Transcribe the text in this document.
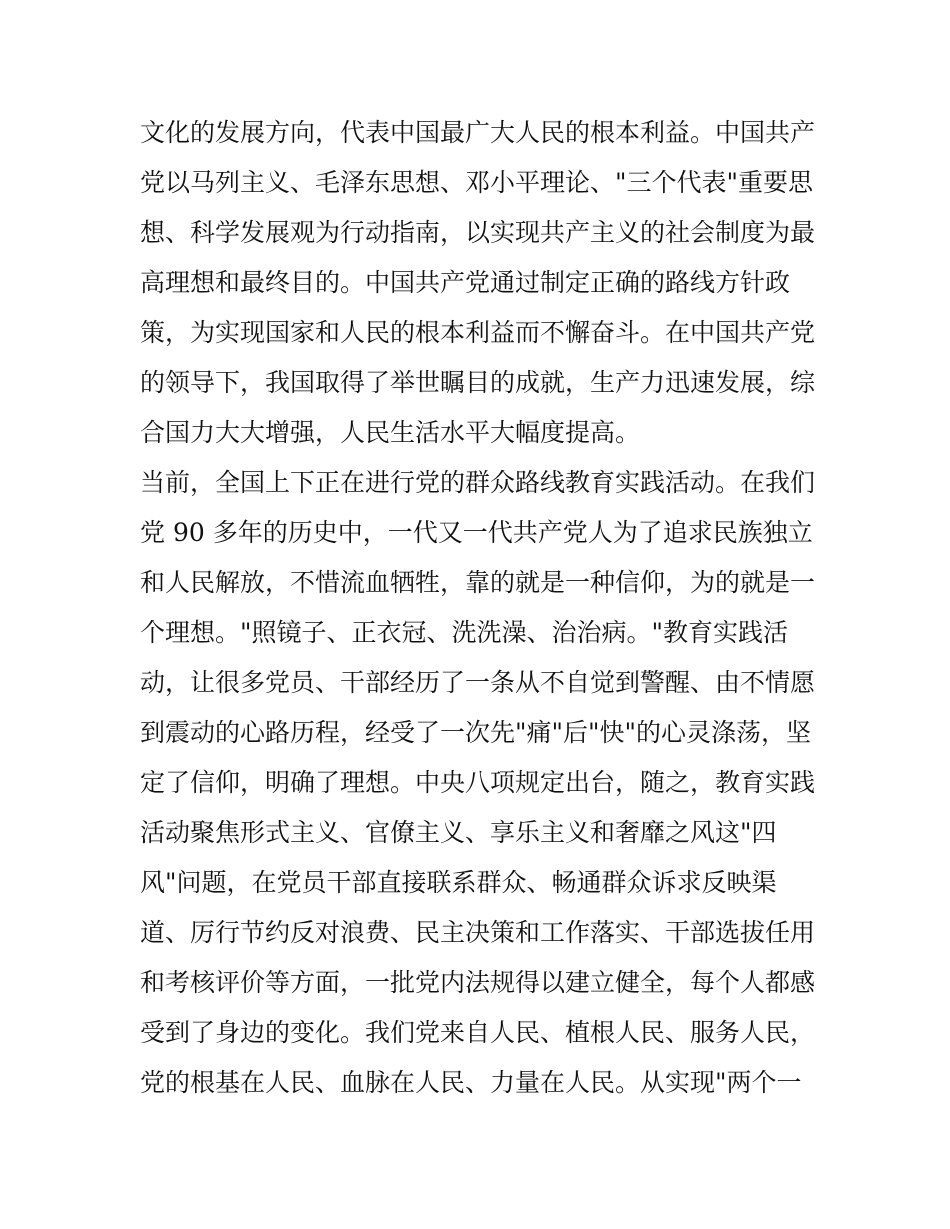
文化的发展方向，代表中国最广大人民的根本利益。中国共产
党以马列主义、毛泽东思想、邓小平理论、"三个代表"重要思
想、科学发展观为行动指南，以实现共产主义的社会制度为最
高理想和最终目的。中国共产党通过制定正确的路线方针政
策，为实现国家和人民的根本利益而不懈奋斗。在中国共产党
的领导下，我国取得了举世瞩目的成就，生产力迅速发展，综
合国力大大增强，人民生活水平大幅度提高。
当前，全国上下正在进行党的群众路线教育实践活动。在我们
党 90 多年的历史中，一代又一代共产党人为了追求民族独立
和人民解放，不惜流血牺牲，靠的就是一种信仰，为的就是一
个理想。"照镜子、正衣冠、洗洗澡、治治病。"教育实践活
动，让很多党员、干部经历了一条从不自觉到警醒、由不情愿
到震动的心路历程，经受了一次先"痛"后"快"的心灵涤荡，坚
定了信仰，明确了理想。中央八项规定出台，随之，教育实践
活动聚焦形式主义、官僚主义、享乐主义和奢靡之风这"四
风"问题，在党员干部直接联系群众、畅通群众诉求反映渠
道、厉行节约反对浪费、民主决策和工作落实、干部选拔任用
和考核评价等方面，一批党内法规得以建立健全，每个人都感
受到了身边的变化。我们党来自人民、植根人民、服务人民，
党的根基在人民、血脉在人民、力量在人民。从实现"两个一
